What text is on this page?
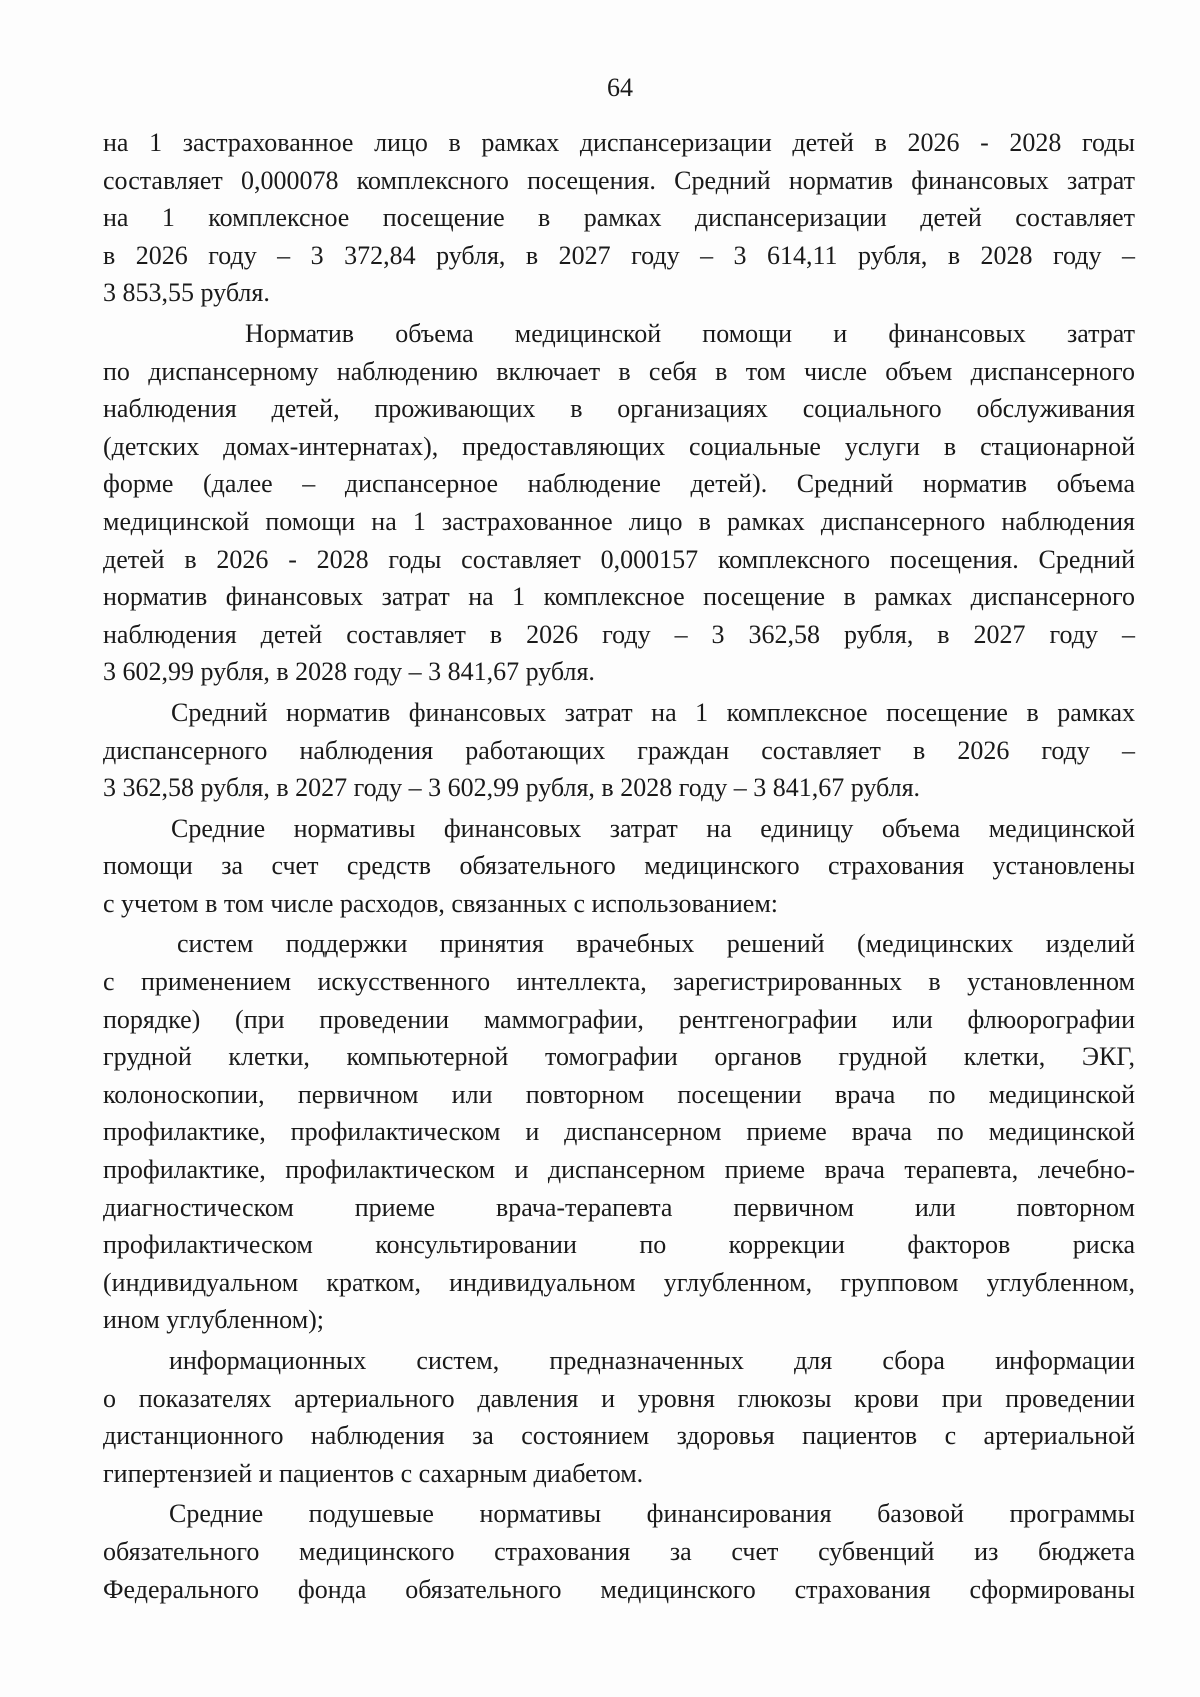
64
на 1 застрахованное лицо в рамках диспансеризации детей в 2026 - 2028 годы
составляет 0,000078 комплексного посещения. Средний норматив финансовых затрат
на 1 комплексное посещение в рамках диспансеризации детей составляет
в 2026 году – 3 372,84 рубля, в 2027 году – 3 614,11 рубля, в 2028 году –
3 853,55 рубля.
Норматив объема медицинской помощи и финансовых затрат
по диспансерному наблюдению включает в себя в том числе объем диспансерного
наблюдения детей, проживающих в организациях социального обслуживания
(детских домах-интернатах), предоставляющих социальные услуги в стационарной
форме (далее – диспансерное наблюдение детей). Средний норматив объема
медицинской помощи на 1 застрахованное лицо в рамках диспансерного наблюдения
детей в 2026 - 2028 годы составляет 0,000157 комплексного посещения. Средний
норматив финансовых затрат на 1 комплексное посещение в рамках диспансерного
наблюдения детей составляет в 2026 году – 3 362,58 рубля, в 2027 году –
3 602,99 рубля, в 2028 году – 3 841,67 рубля.
Средний норматив финансовых затрат на 1 комплексное посещение в рамках
диспансерного наблюдения работающих граждан составляет в 2026 году –
3 362,58 рубля, в 2027 году – 3 602,99 рубля, в 2028 году – 3 841,67 рубля.
Средние нормативы финансовых затрат на единицу объема медицинской
помощи за счет средств обязательного медицинского страхования установлены
с учетом в том числе расходов, связанных с использованием:
систем поддержки принятия врачебных решений (медицинских изделий
с применением искусственного интеллекта, зарегистрированных в установленном
порядке) (при проведении маммографии, рентгенографии или флюорографии
грудной клетки, компьютерной томографии органов грудной клетки, ЭКГ,
колоноскопии, первичном или повторном посещении врача по медицинской
профилактике, профилактическом и диспансерном приеме врача по медицинской
профилактике, профилактическом и диспансерном приеме врача терапевта, лечебно-
диагностическом приеме врача-терапевта первичном или повторном
профилактическом консультировании по коррекции факторов риска
(индивидуальном кратком, индивидуальном углубленном, групповом углубленном,
ином углубленном);
информационных систем, предназначенных для сбора информации
о показателях артериального давления и уровня глюкозы крови при проведении
дистанционного наблюдения за состоянием здоровья пациентов с артериальной
гипертензией и пациентов с сахарным диабетом.
Средние подушевые нормативы финансирования базовой программы
обязательного медицинского страхования за счет субвенций из бюджета
Федерального фонда обязательного медицинского страхования сформированы
